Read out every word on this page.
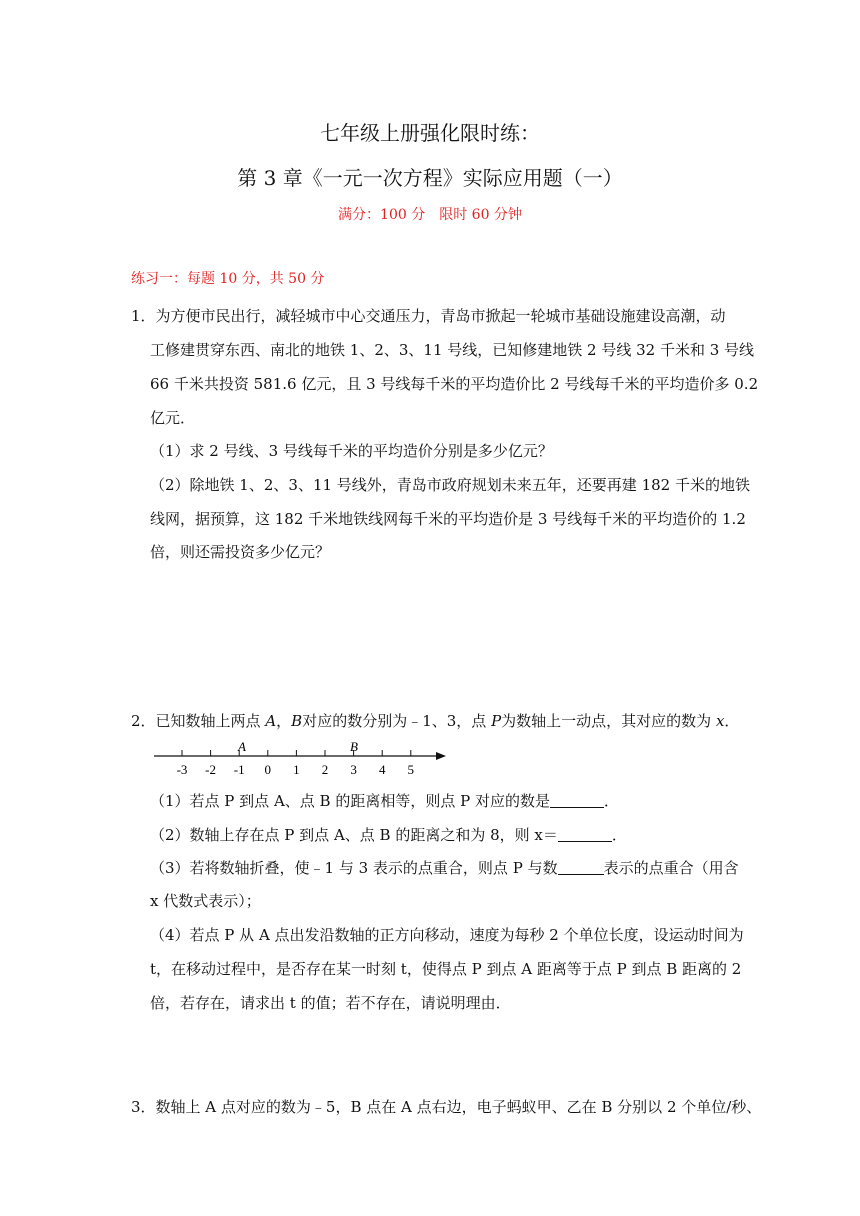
七年级上册强化限时练：
第 3 章《一元一次方程》实际应用题（一）
满分：100 分　限时 60 分钟
练习一：每题 10 分，共 50 分
1．为方便市民出行，减轻城市中心交通压力，青岛市掀起一轮城市基础设施建设高潮，动
工修建贯穿东西、南北的地铁 1、2、3、11 号线，已知修建地铁 2 号线 32 千米和 3 号线
66 千米共投资 581.6 亿元，且 3 号线每千米的平均造价比 2 号线每千米的平均造价多 0.2
亿元．
（1）求 2 号线、3 号线每千米的平均造价分别是多少亿元？
（2）除地铁 1、2、3、11 号线外，青岛市政府规划未来五年，还要再建 182 千米的地铁
线网，据预算，这 182 千米地铁线网每千米的平均造价是 3 号线每千米的平均造价的 1.2
倍，则还需投资多少亿元？
2．已知数轴上两点 A，B对应的数分别为﹣1、3，点 P为数轴上一动点，其对应的数为 x．
-3 -2 -1 0 1 2 3 4 5
A	B
（1）若点 P 到点 A、点 B 的距离相等，则点 P 对应的数是	．
（2）数轴上存在点 P 到点 A、点 B 的距离之和为 8，则 x＝	．
（3）若将数轴折叠，使﹣1 与 3 表示的点重合，则点 P 与数	表示的点重合（用含
x 代数式表示）；
（4）若点 P 从 A 点出发沿数轴的正方向移动，速度为每秒 2 个单位长度，设运动时间为
t，在移动过程中，是否存在某一时刻 t，使得点 P 到点 A 距离等于点 P 到点 B 距离的 2
倍，若存在，请求出 t 的值；若不存在，请说明理由．
3．数轴上 A 点对应的数为﹣5，B 点在 A 点右边，电子蚂蚁甲、乙在 B 分别以 2 个单位/秒、
